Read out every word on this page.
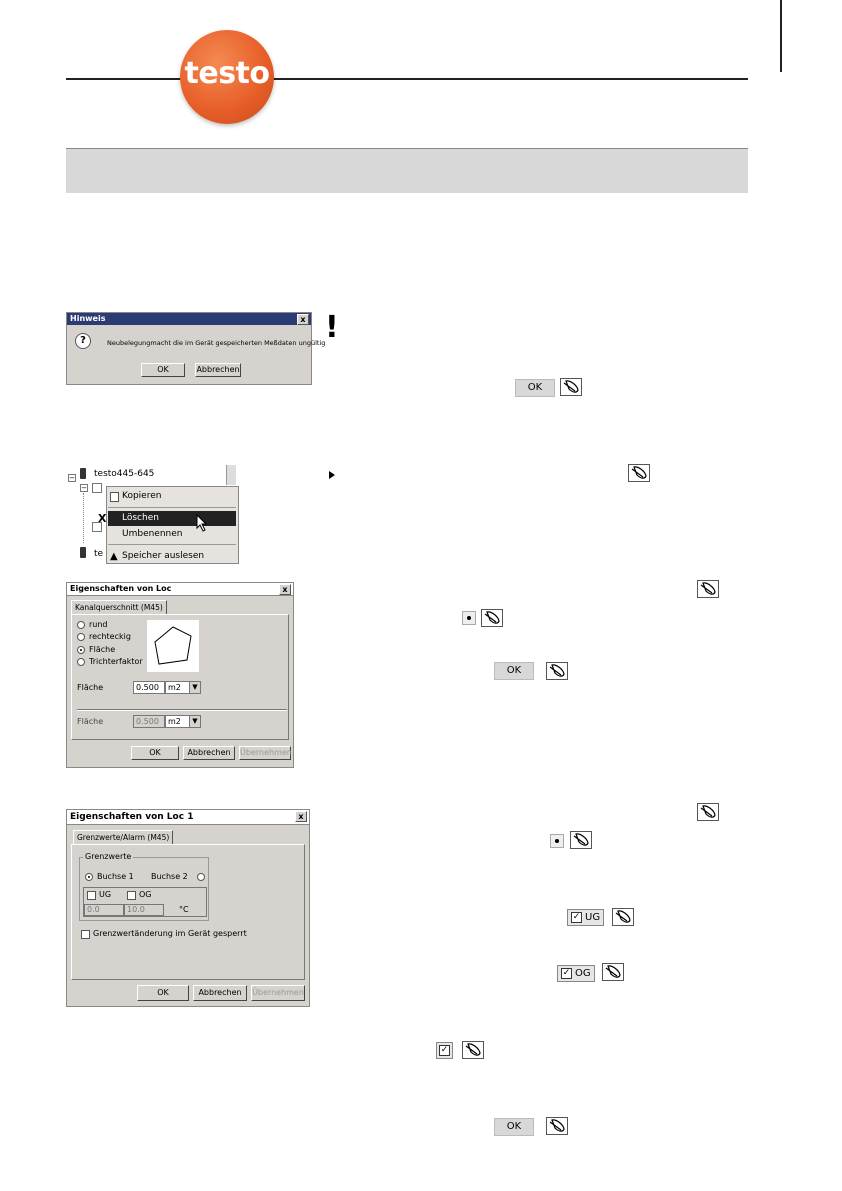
testo
Hinweis	x
?	Neubelegungmacht die im Gerät gespeicherten Meßdaten ungültig
OK	Abbrechen
!
OK
testo445-645
−
−
te
Kopieren
X Löschen
Umbenennen
▲ Speicher auslesen
Eigenschaften von Loc	x
Kanalquerschnitt (M45)
rund
rechteckig
Fläche
Trichterfaktor
Fläche	0.500	m2	▼
Fläche	0.500	m2	▼
OK	Abbrechen	Übernehmen
OK
Eigenschaften von Loc 1	x
Grenzwerte/Alarm (M45)
Grenzwerte
Buchse 1 Buchse 2
UG	OG
0.0	10.0	°C
Grenzwertänderung im Gerät gesperrt
OK	Abbrechen	Übernehmen
✓ UG
✓ OG
✓
OK
